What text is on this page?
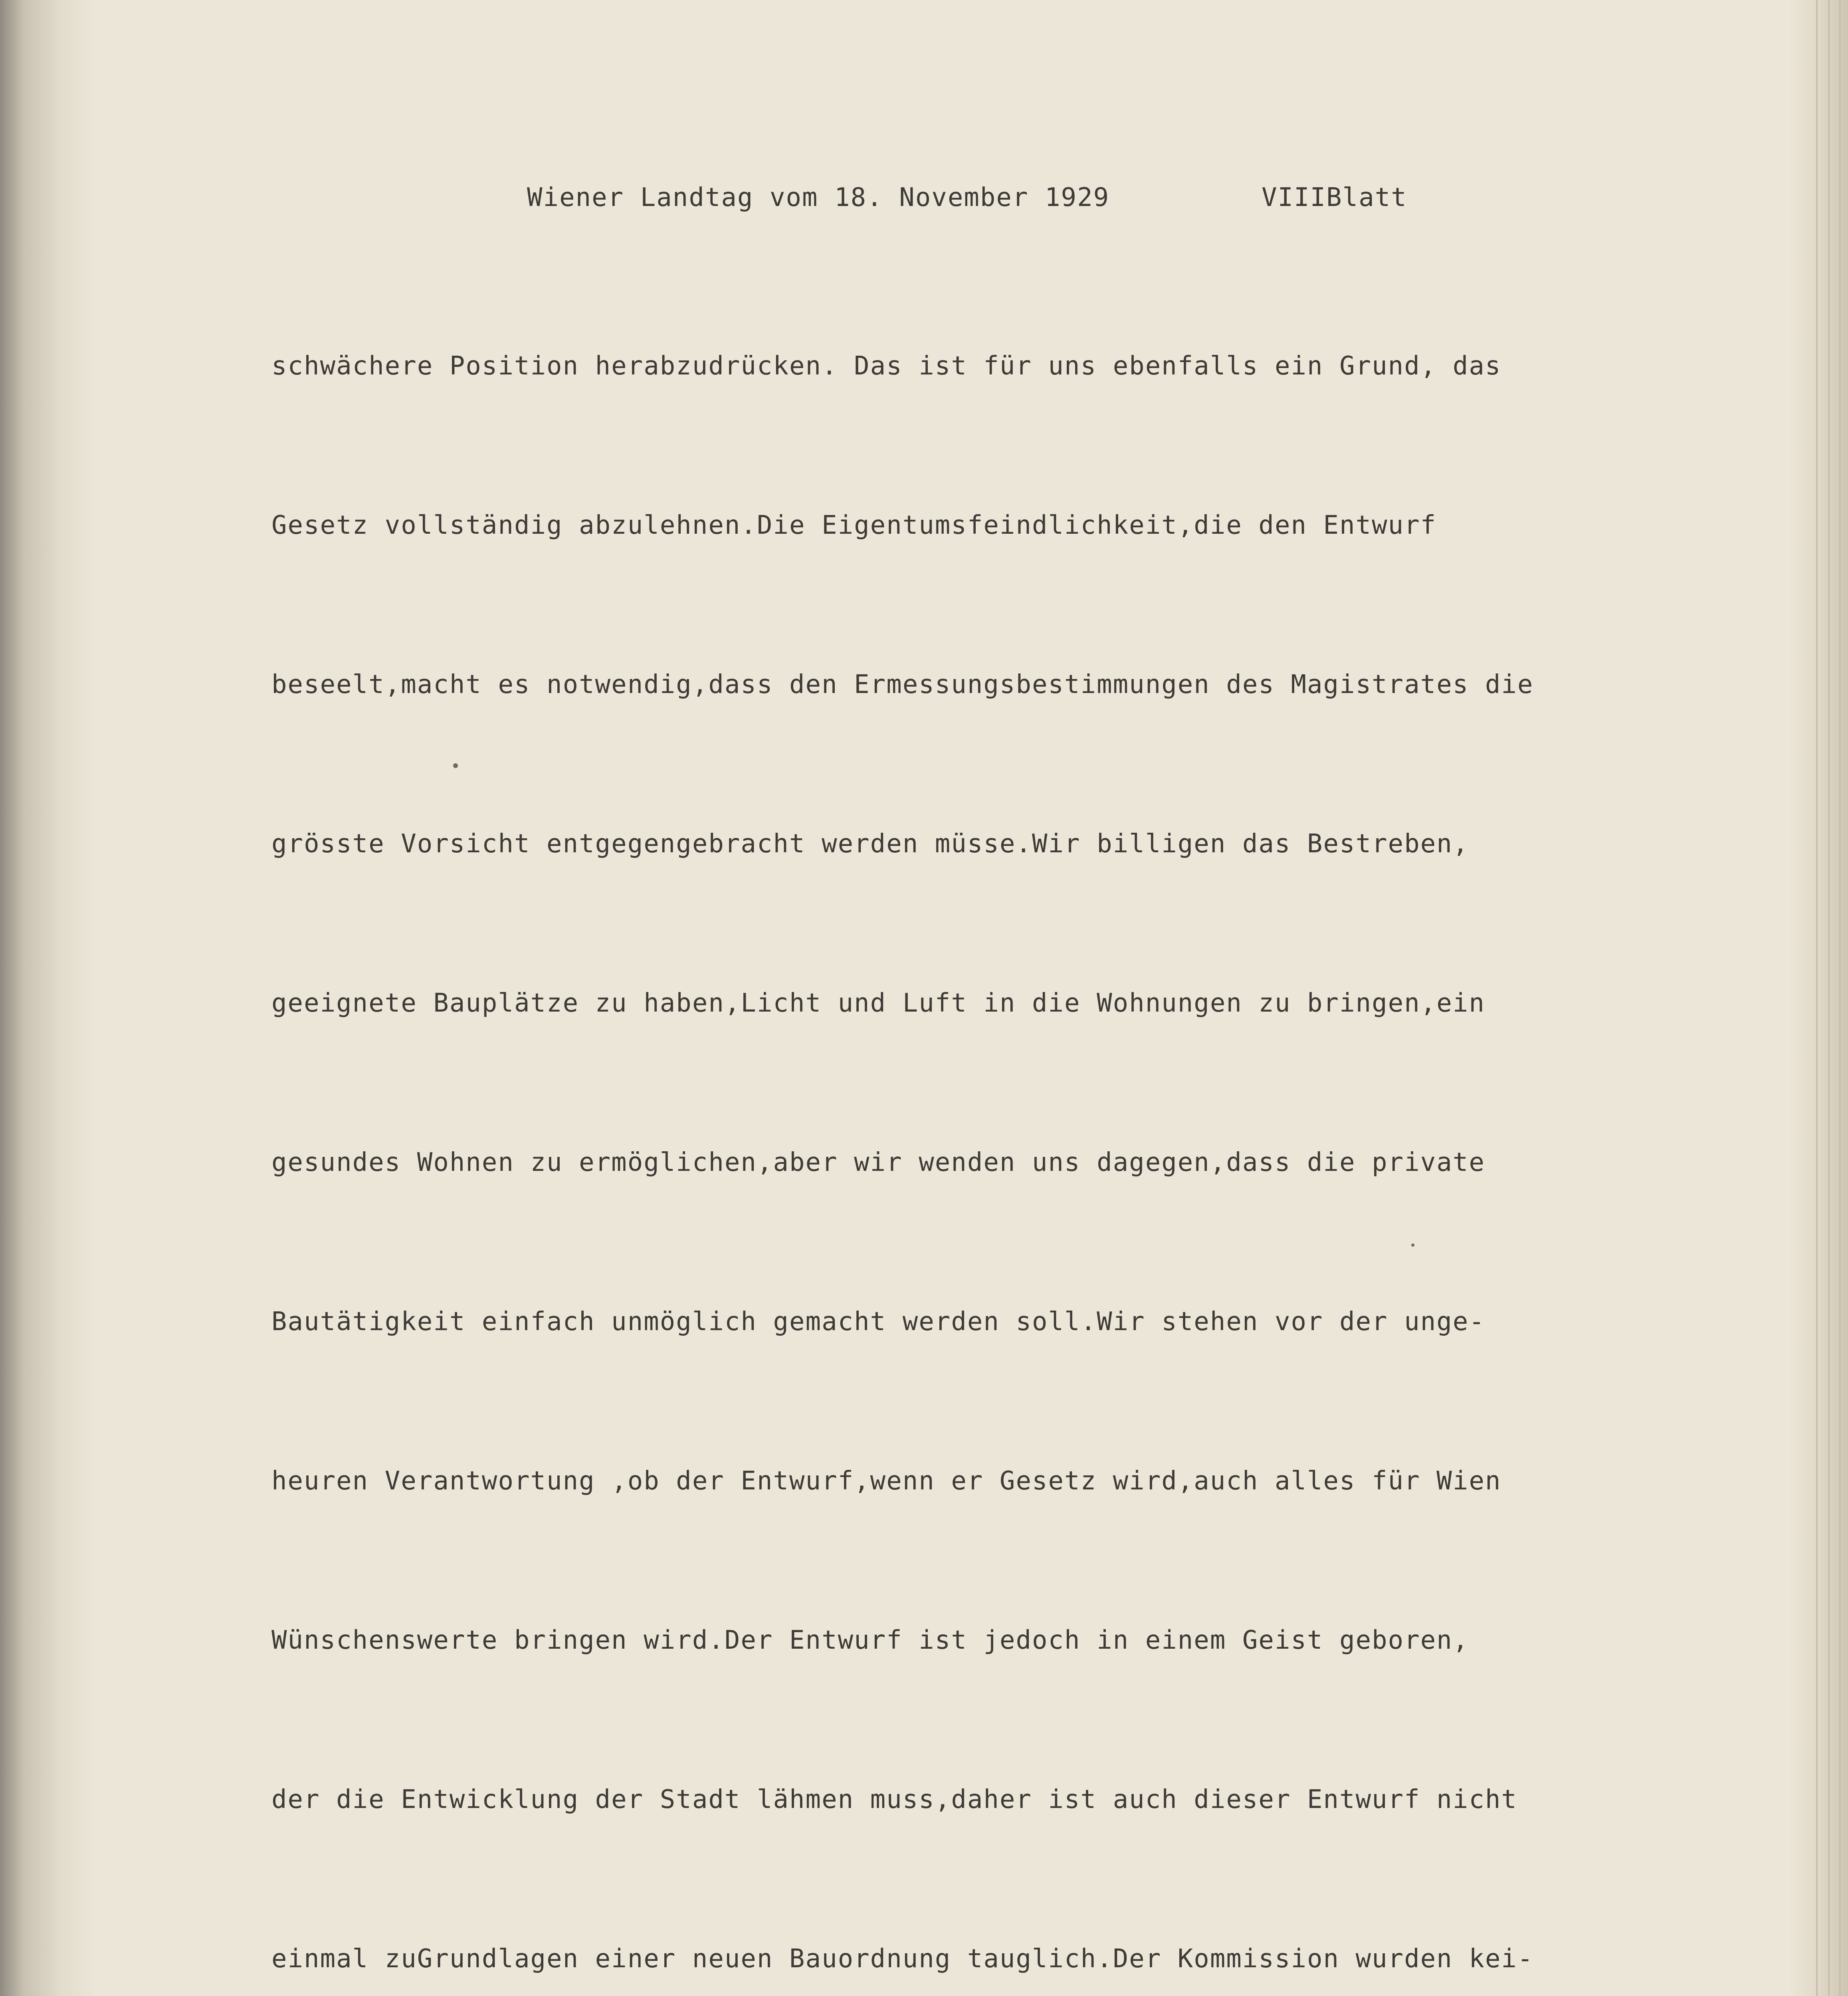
Wiener Landtag vom 18. November 1929	VIIIBlatt

schwächere Position herabzudrücken. Das ist für uns ebenfalls ein Grund, das

Gesetz vollständig abzulehnen.Die Eigentumsfeindlichkeit,die den Entwurf

beseelt,macht es notwendig,dass den Ermessungsbestimmungen des Magistrates die

grösste Vorsicht entgegengebracht werden müsse.Wir billigen das Bestreben,

geeignete Bauplätze zu haben,Licht und Luft in die Wohnungen zu bringen,ein

gesundes Wohnen zu ermöglichen,aber wir wenden uns dagegen,dass die private

Bautätigkeit einfach unmöglich gemacht werden soll.Wir stehen vor der unge-

heuren Verantwortung ,ob der Entwurf,wenn er Gesetz wird,auch alles für Wien

Wünschenswerte bringen wird.Der Entwurf ist jedoch in einem Geist geboren,

der die Entwicklung der Stadt lähmen muss,daher ist auch dieser Entwurf nicht

einmal zuGrundlagen einer neuen Bauordnung tauglich.Der Kommission wurden kei-
